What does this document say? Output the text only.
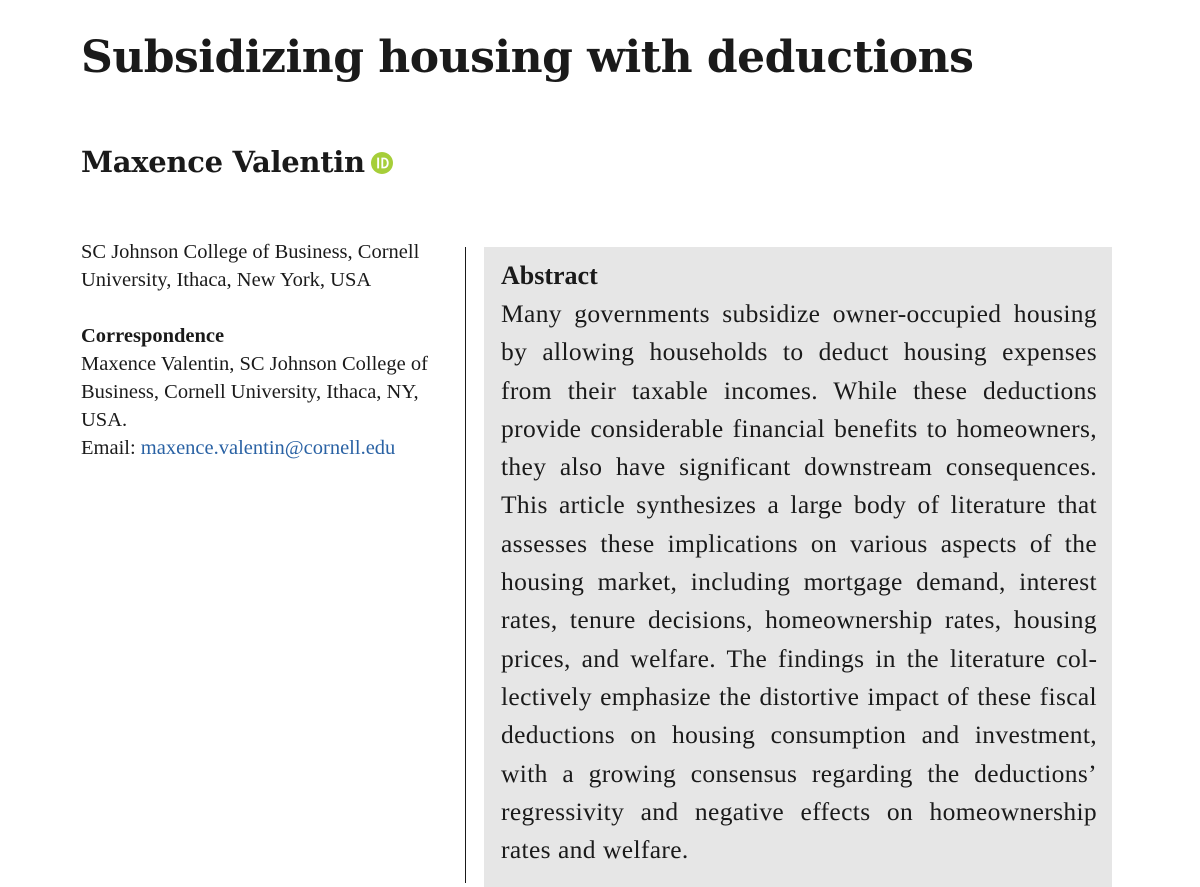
Subsidizing housing with deductions
Maxence Valentin

SC Johnson College of Business, Cornell University, Ithaca, New York, USA

Correspondence

Maxence Valentin, SC Johnson College of Business, Cornell University, Ithaca, NY, USA.

Email: maxence.valentin@cornell.edu

Abstract

Many governments subsidize owner-occupied housing by allowing households to deduct housing expenses from their taxable incomes. While these deductions provide considerable financial benefits to homeowners, they also have significant downstream consequences. This article synthesizes a large body of literature that assesses these implications on various aspects of the housing market, including mortgage demand, interest rates, tenure decisions, homeownership rates, housing prices, and welfare. The findings in the literature collectively emphasize the distortive impact of these fiscal deductions on housing consumption and investment, with a growing consensus regarding the deductions’ regressivity and negative effects on homeownership rates and welfare.
